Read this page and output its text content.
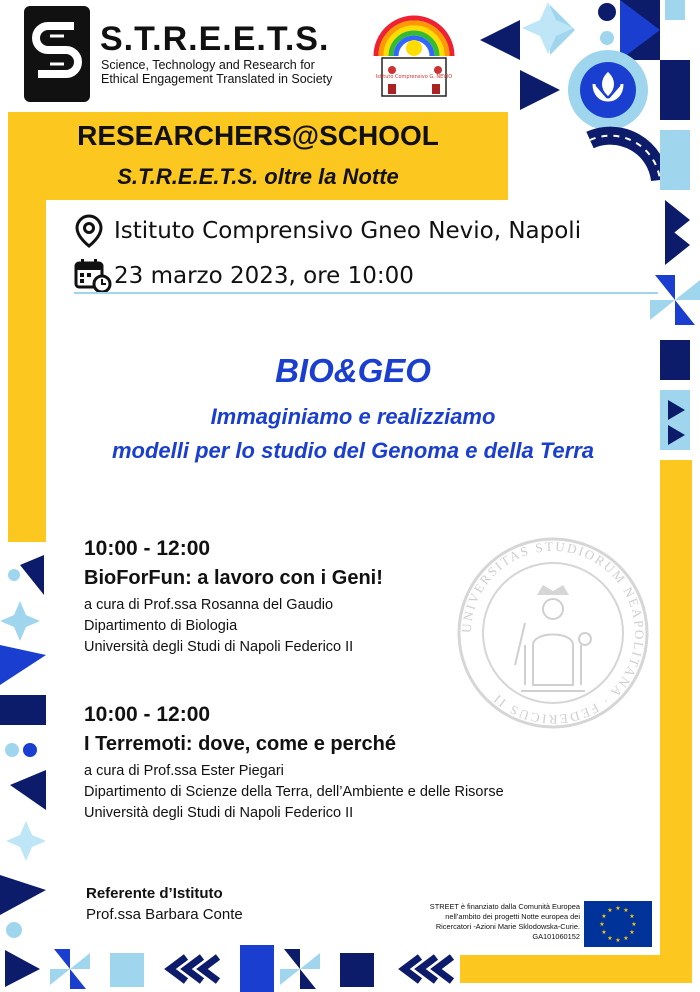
S.T.R.E.E.T.S.
Science, Technology and Research for
Ethical Engagement Translated in Society	Istituto Comprensivo G. NEVIO
RESEARCHERS@SCHOOL
S.T.R.E.E.T.S. oltre la Notte
Istituto Comprensivo Gneo Nevio, Napoli
23 marzo 2023, ore 10:00
BIO&GEO
Immaginiamo e realizziamo
modelli per lo studio del Genoma e della Terra
UNIVERSITAS STUDIORUM NEAPOLITANA · FEDERICUS II
10:00 - 12:00
BioForFun: a lavoro con i Geni!
a cura di Prof.ssa Rosanna del Gaudio
Dipartimento di Biologia
Università degli Studi di Napoli Federico II
10:00 - 12:00
I Terremoti: dove, come e perché
a cura di Prof.ssa Ester Piegari
Dipartimento di Scienze della Terra, dell’Ambiente e delle Risorse
Università degli Studi di Napoli Federico II
Referente d’Istituto
Prof.ssa Barbara Conte	STREET è finanziato dalla Comunità Europea
nell’ambito dei progetti Notte europea dei
Ricercatori -Azioni Marie Sklodowska-Curie.
GA101060152
★ ★
★
★
★
★
★
★
★
★
★
★
